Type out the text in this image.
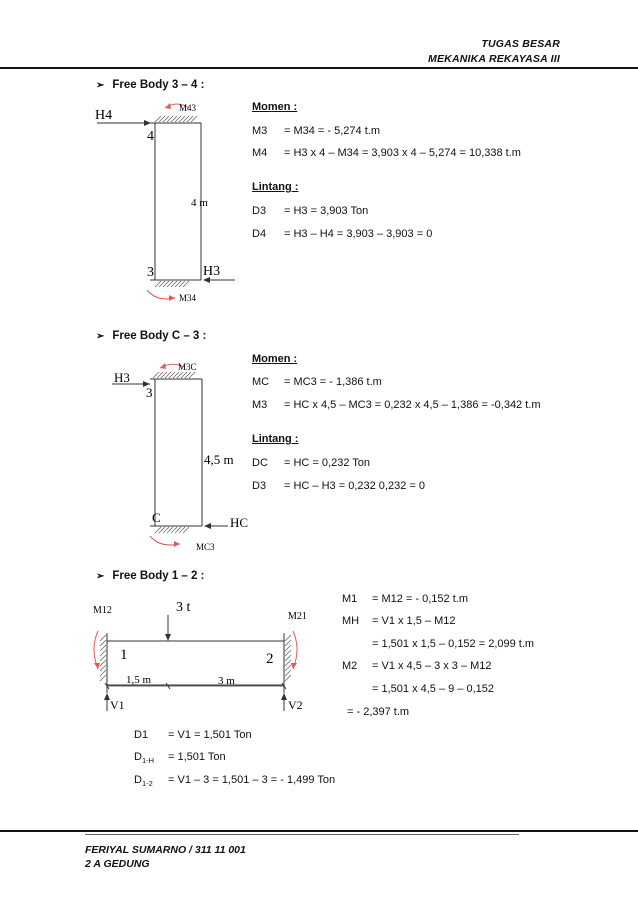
TUGAS BESAR
MEKANIKA REKAYASA III
➢ Free Body 3 – 4 :
H4	M43
4
4 m
3	H3
M34
Momen :
M3 = M34 = - 5,274 t.m
M4 = H3 x 4 – M34 = 3,903 x 4 – 5,274 = 10,338 t.m
Lintang :
D3 = H3 = 3,903 Ton
D4 = H3 – H4 = 3,903 – 3,903 = 0
➢ Free Body C – 3 :
H3
M3C
3
4,5 m
C	HC
MC3
Momen :
MC = MC3 = - 1,386 t.m
M3 = HC x 4,5 – MC3 = 0,232 x 4,5 – 1,386 = -0,342 t.m
Lintang :
DC = HC = 0,232 Ton
D3 = HC – H3 = 0,232 0,232 = 0
➢ Free Body 1 – 2 :
3 t
M12
M21
1	2
1,5 m	3 m
V1	V2
M1 = M12 = - 0,152 t.m
MH = V1 x 1,5 – M12
= 1,501 x 1,5 – 0,152 = 2,099 t.m
M2 = V1 x 4,5 – 3 x 3 – M12
= 1,501 x 4,5 – 9 – 0,152
= - 2,397 t.m
D1 = V1 = 1,501 Ton
$D_{1-H} = 1,501$ Ton
$D_{1-2} = V1 - 3 = 1,501 - 3$ = - 1,499 Ton
FERIYAL SUMARNO / 311 11 001
2 A GEDUNG
